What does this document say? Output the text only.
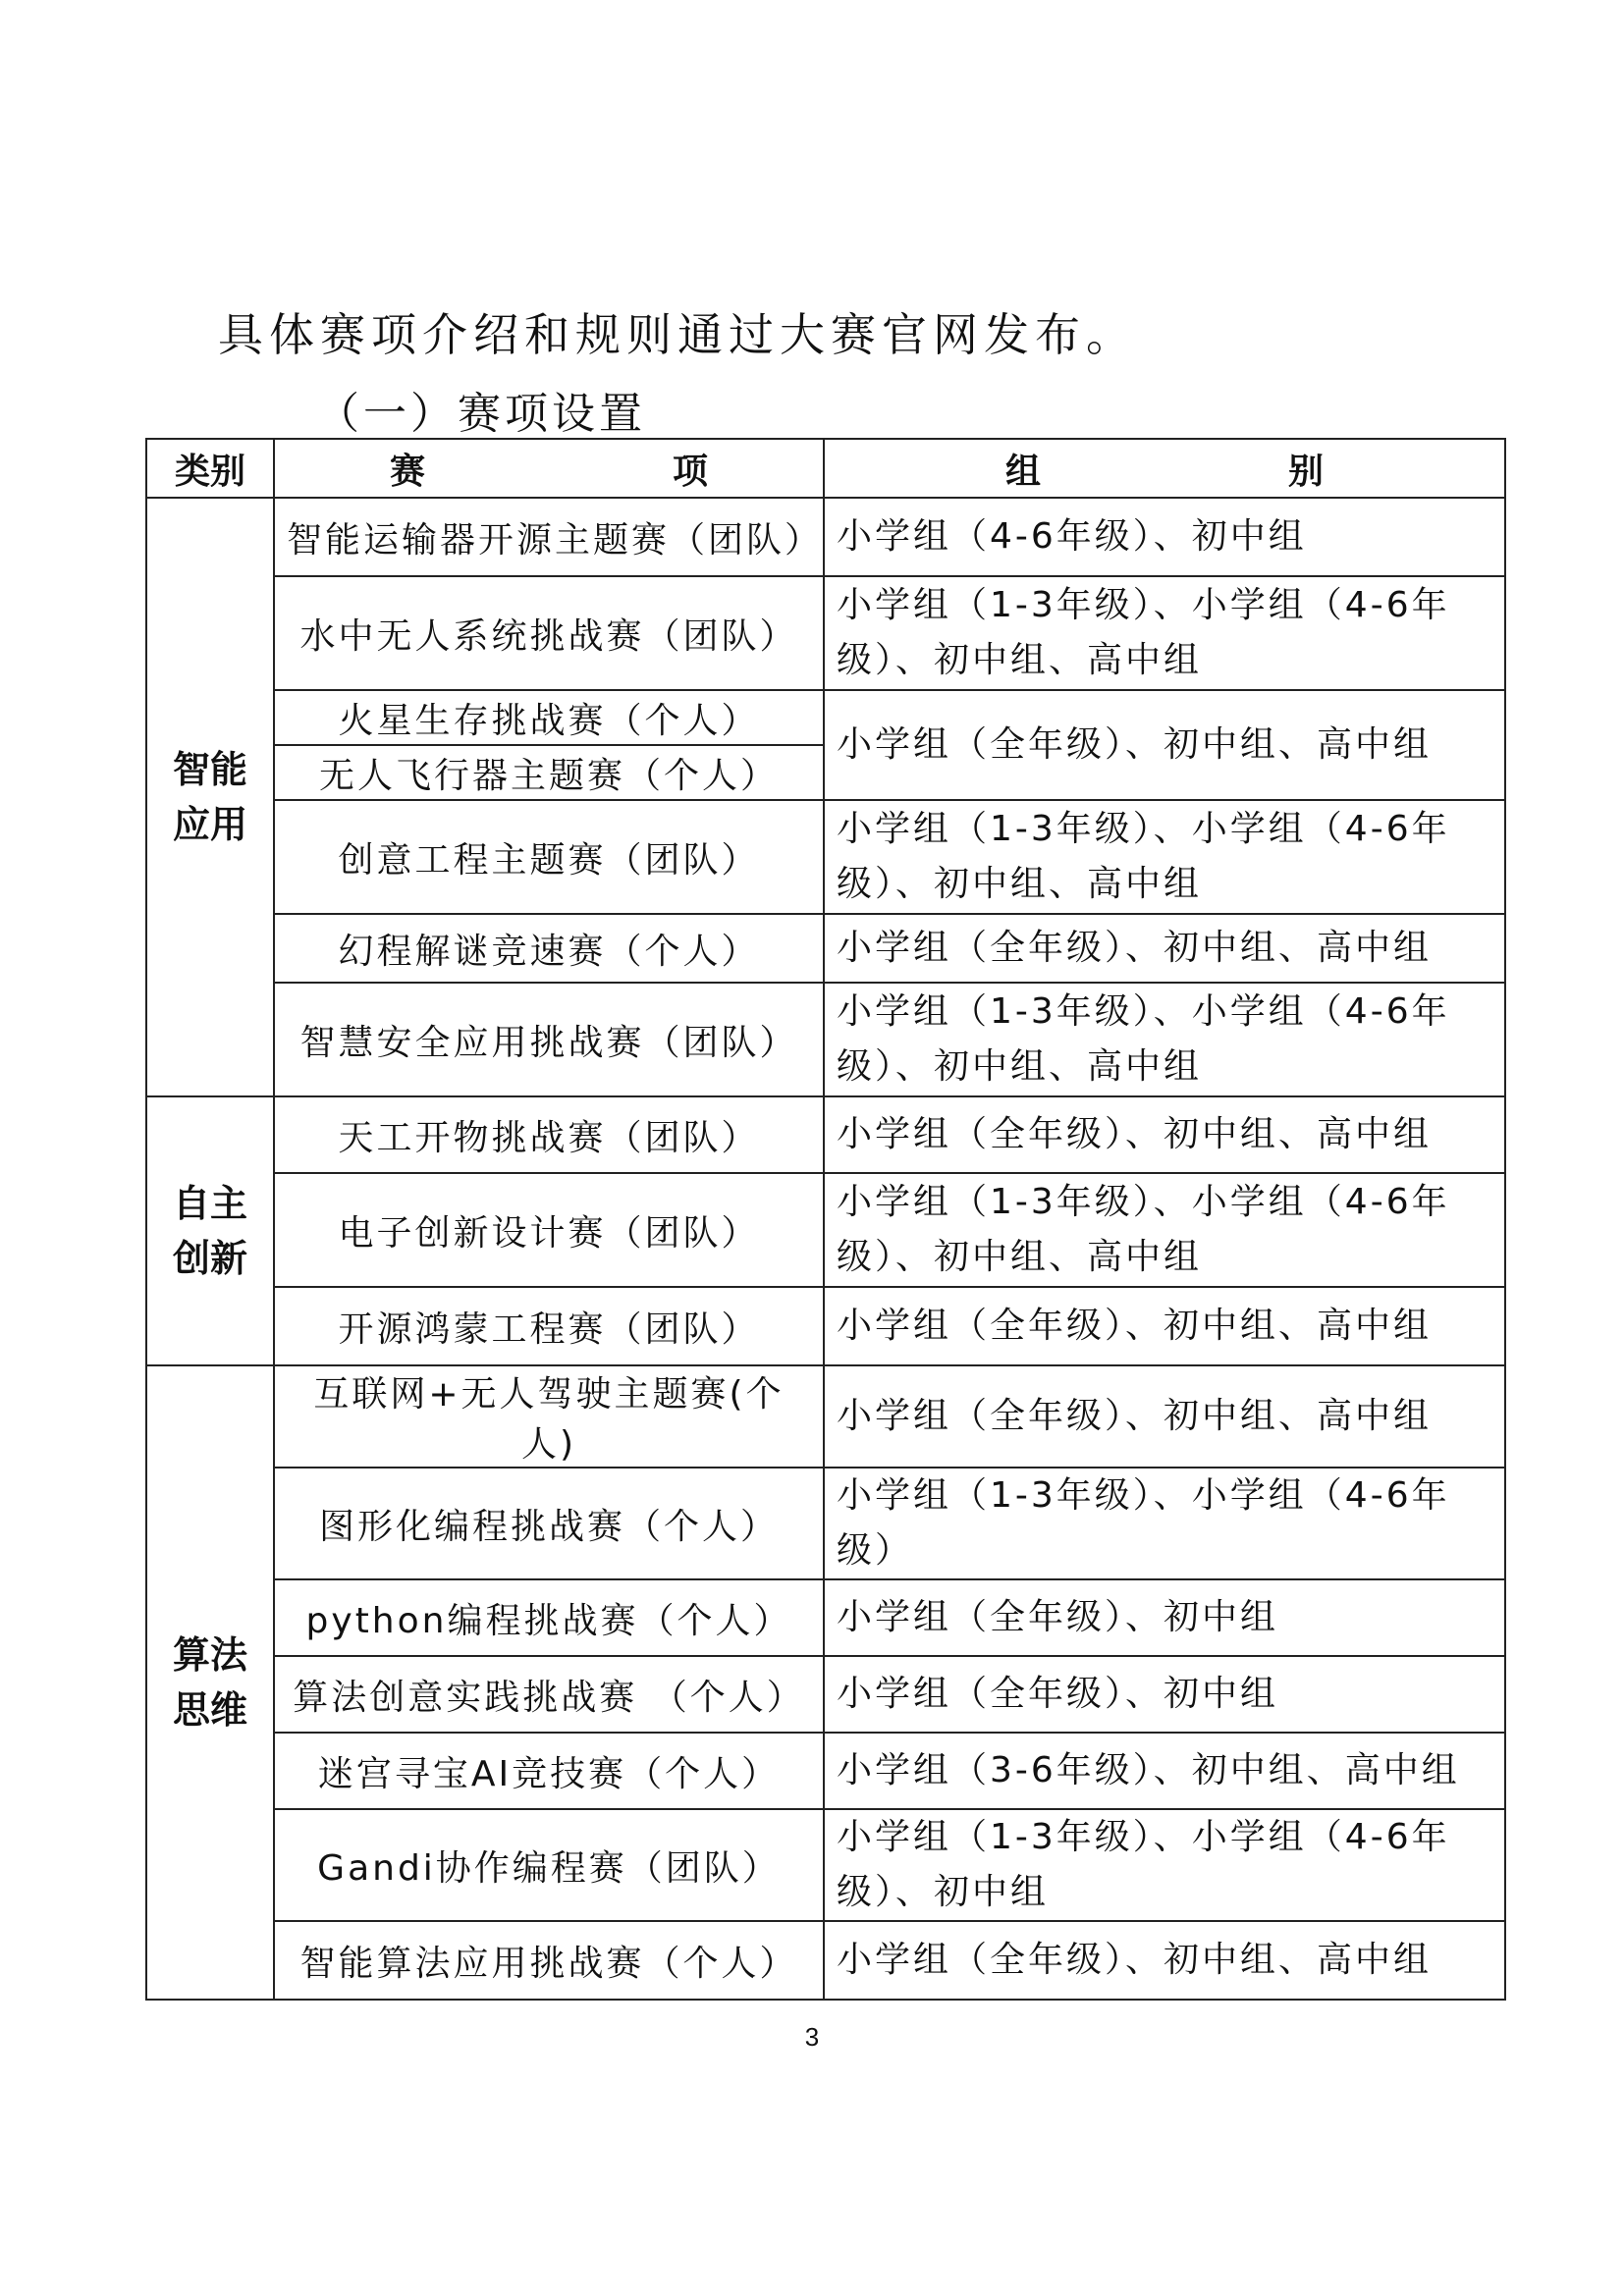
具体赛项介绍和规则通过大赛官网发布。
（一）赛项设置
类别	赛　　项	组　　别
智能
应用	智能运输器开源主题赛（团队）	小学组（4-6年级）、初中组
	水中无人系统挑战赛（团队）	小学组（1-3年级）、小学组（4-6年级）、初中组、高中组
	火星生存挑战赛（个人）	小学组（全年级）、初中组、高中组
	无人飞行器主题赛（个人）	
	创意工程主题赛（团队）	小学组（1-3年级）、小学组（4-6年级）、初中组、高中组
	幻程解谜竞速赛（个人）	小学组（全年级）、初中组、高中组
	智慧安全应用挑战赛（团队）	小学组（1-3年级）、小学组（4-6年级）、初中组、高中组
自主
创新	天工开物挑战赛（团队）	小学组（全年级）、初中组、高中组
	电子创新设计赛（团队）	小学组（1-3年级）、小学组（4-6年级）、初中组、高中组
	开源鸿蒙工程赛（团队）	小学组（全年级）、初中组、高中组
算法
思维	互联网+无人驾驶主题赛(个人)	小学组（全年级）、初中组、高中组
	图形化编程挑战赛（个人）	小学组（1-3年级）、小学组（4-6年级）
	python编程挑战赛（个人）	小学组（全年级）、初中组
	算法创意实践挑战赛 （个人）	小学组（全年级）、初中组
	迷宫寻宝AI竞技赛（个人）	小学组（3-6年级）、初中组、高中组
	Gandi协作编程赛（团队）	小学组（1-3年级）、小学组（4-6年级）、初中组
	智能算法应用挑战赛（个人）	小学组（全年级）、初中组、高中组
3
